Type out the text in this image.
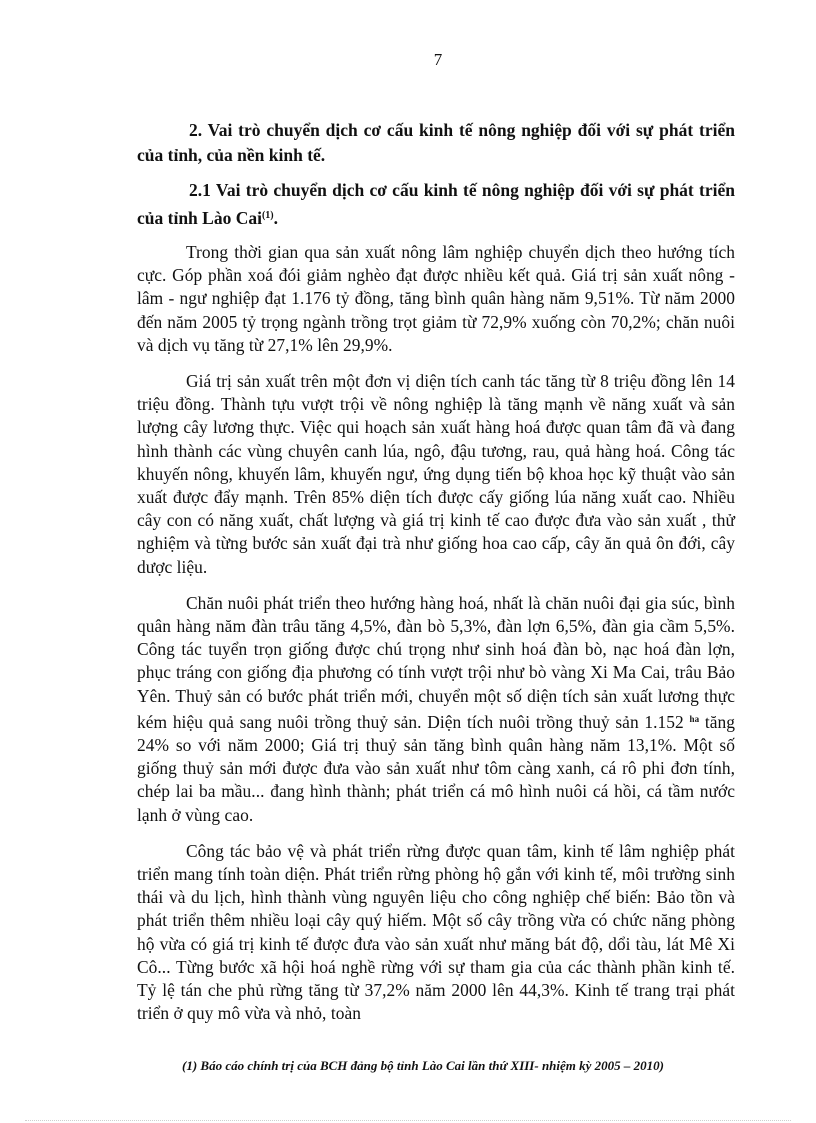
7

2. Vai trò chuyển dịch cơ cấu kinh tế nông nghiệp đối với sự phát triển của tỉnh, của nền kinh tế.

2.1 Vai trò chuyển dịch cơ cấu kinh tế nông nghiệp đối với sự phát triển của tỉnh Lào Cai$^{(1)}$.

Trong thời gian qua sản xuất nông lâm nghiệp chuyển dịch theo hướng tích cực. Góp phần xoá đói giảm nghèo đạt được nhiều kết quả. Giá trị sản xuất nông - lâm - ngư nghiệp đạt 1.176 tỷ đồng, tăng bình quân hàng năm 9,51%. Từ năm 2000 đến năm 2005 tỷ trọng ngành trồng trọt giảm từ 72,9% xuống còn 70,2%; chăn nuôi và dịch vụ tăng từ 27,1% lên 29,9%.

Giá trị sản xuất trên một đơn vị diện tích canh tác tăng từ 8 triệu đồng lên 14 triệu đồng. Thành tựu vượt trội về nông nghiệp là tăng mạnh về năng xuất và sản lượng cây lương thực. Việc qui hoạch sản xuất hàng hoá được quan tâm đã và đang hình thành các vùng chuyên canh lúa, ngô, đậu tương, rau, quả hàng hoá. Công tác khuyến nông, khuyến lâm, khuyến ngư, ứng dụng tiến bộ khoa học kỹ thuật vào sản xuất được đẩy mạnh. Trên 85% diện tích được cấy giống lúa năng xuất cao. Nhiều cây con có năng xuất, chất lượng và giá trị kinh tế cao được đưa vào sản xuất , thử nghiệm và từng bước sản xuất đại trà như giống hoa cao cấp, cây ăn quả ôn đới, cây dược liệu.

Chăn nuôi phát triển theo hướng hàng hoá, nhất là chăn nuôi đại gia súc, bình quân hàng năm đàn trâu tăng 4,5%, đàn bò 5,3%, đàn lợn 6,5%, đàn gia cầm 5,5%. Công tác tuyển trọn giống được chú trọng như sinh hoá đàn bò, nạc hoá đàn lợn, phục tráng con giống địa phương có tính vượt trội như bò vàng Xi Ma Cai, trâu Bảo Yên. Thuỷ sản có bước phát triển mới, chuyển một số diện tích sản xuất lương thực kém hiệu quả sang nuôi trồng thuỷ sản. Diện tích nuôi trồng thuỷ sản 1.152 $^{ha}$ tăng 24% so với năm 2000; Giá trị thuỷ sản tăng bình quân hàng năm 13,1%. Một số giống thuỷ sản mới được đưa vào sản xuất như tôm càng xanh, cá rô phi đơn tính, chép lai ba mầu... đang hình thành; phát triển cá mô hình nuôi cá hồi, cá tầm nước lạnh ở vùng cao.

Công tác bảo vệ và phát triển rừng được quan tâm, kinh tế lâm nghiệp phát triển mang tính toàn diện. Phát triển rừng phòng hộ gắn với kinh tế, môi trường sinh thái và du lịch, hình thành vùng nguyên liệu cho công nghiệp chế biến: Bảo tồn và phát triển thêm nhiều loại cây quý hiếm. Một số cây trồng vừa có chức năng phòng hộ vừa có giá trị kinh tế được đưa vào sản xuất như măng bát độ, dổi tàu, lát Mê Xi Cô... Từng bước xã hội hoá nghề rừng với sự tham gia của các thành phần kinh tế. Tỷ lệ tán che phủ rừng tăng từ 37,2% năm 2000 lên 44,3%. Kinh tế trang trại phát triển ở quy mô vừa và nhỏ, toàn

(1) Báo cáo chính trị của BCH đảng bộ tỉnh Lào Cai lần thứ XIII- nhiệm kỳ 2005 – 2010)
